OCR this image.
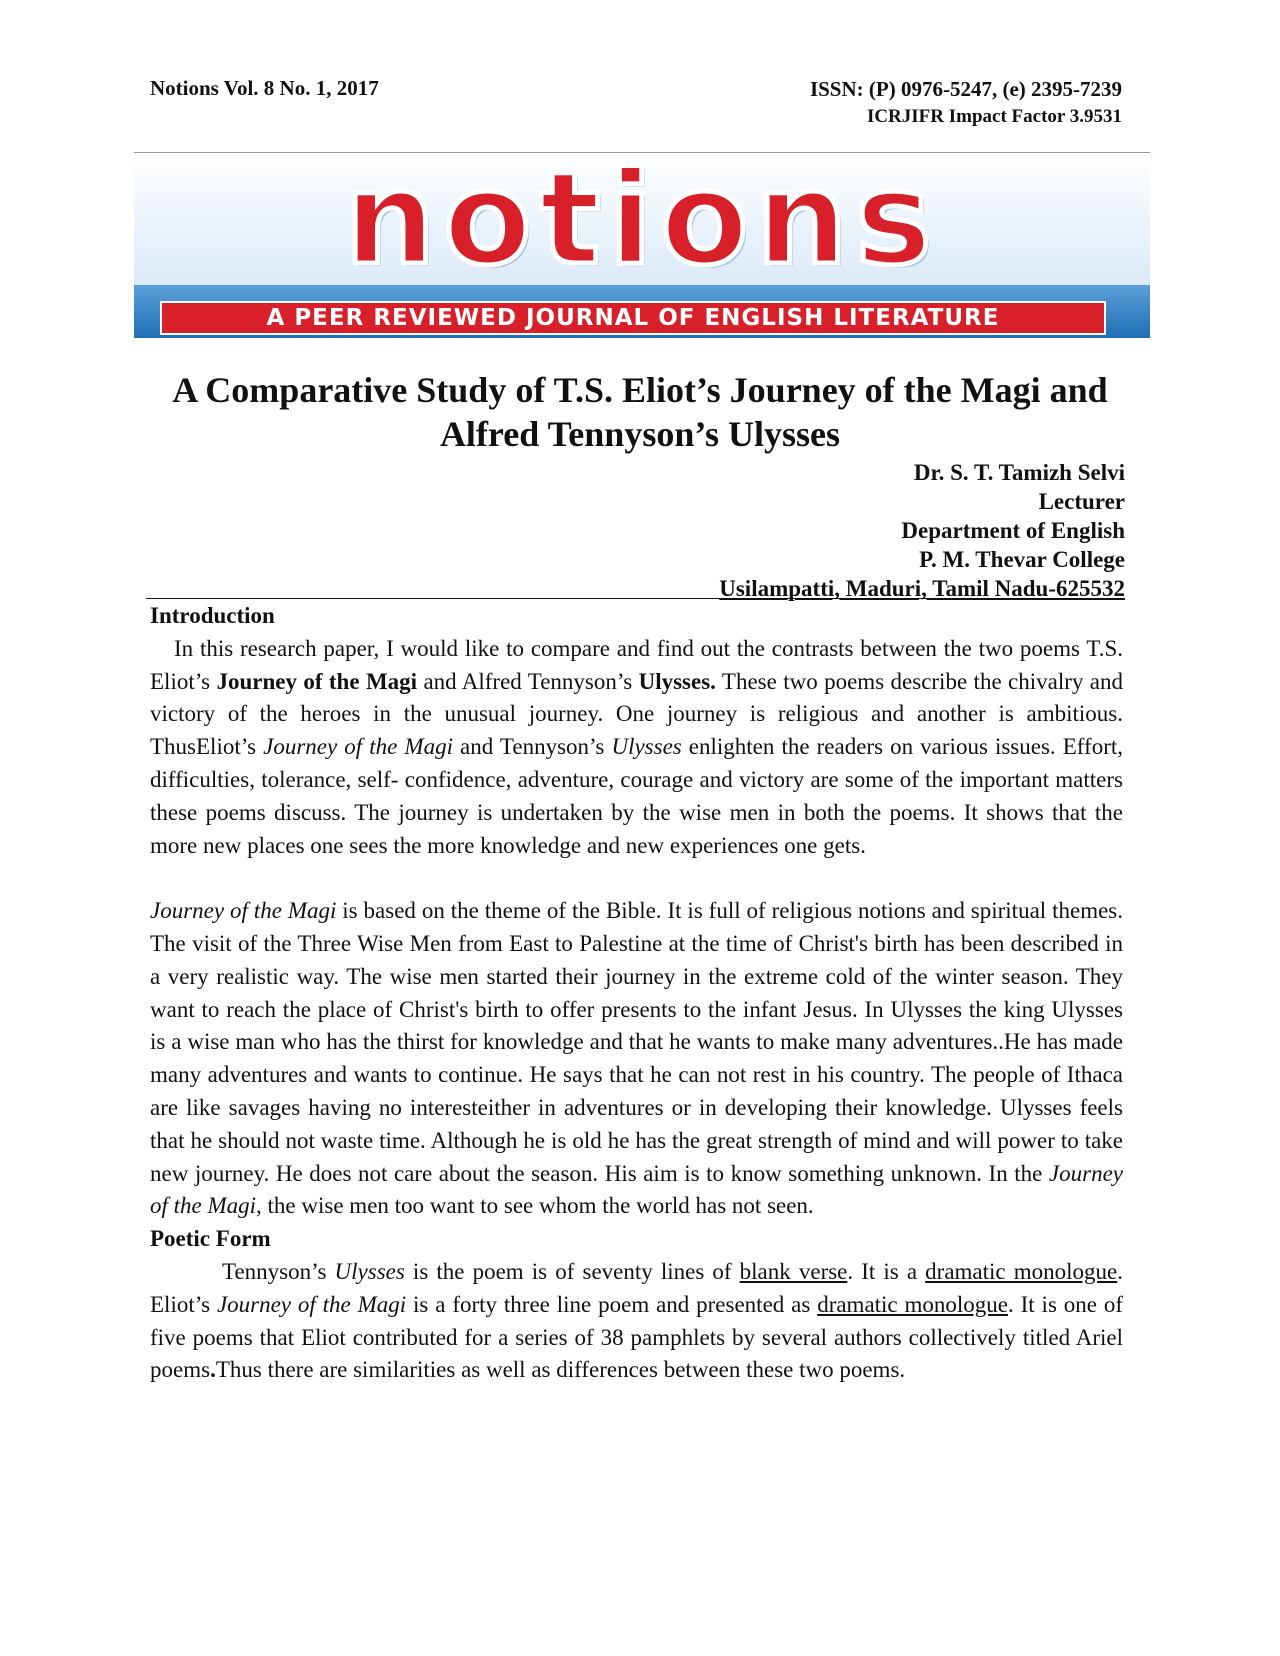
Notions Vol. 8 No. 1, 2017	ISSN: (P) 0976-5247, (e) 2395-7239
ICRJIFR Impact Factor 3.9531
notions
A PEER REVIEWED JOURNAL OF ENGLISH LITERATURE
A Comparative Study of T.S. Eliot’s Journey of the Magi and
Alfred Tennyson’s Ulysses
Dr. S. T. Tamizh Selvi
Lecturer
Department of English
P. M. Thevar College
Usilampatti, Maduri, Tamil Nadu-625532
Introduction

In this research paper, I would like to compare and find out the contrasts between the two poems T.S. Eliot’s Journey of the Magi and Alfred Tennyson’s Ulysses. These two poems describe the chivalry and victory of the heroes in the unusual journey. One journey is religious and another is ambitious. ThusEliot’s Journey of the Magi and Tennyson’s Ulysses enlighten the readers on various issues. Effort, difficulties, tolerance, self- confidence, adventure, courage and victory are some of the important matters these poems discuss. The journey is undertaken by the wise men in both the poems. It shows that the more new places one sees the more knowledge and new experiences one gets.

Journey of the Magi is based on the theme of the Bible. It is full of religious notions and spiritual themes. The visit of the Three Wise Men from East to Palestine at the time of Christ's birth has been described in a very realistic way. The wise men started their journey in the extreme cold of the winter season. They want to reach the place of Christ's birth to offer presents to the infant Jesus. In Ulysses the king Ulysses is a wise man who has the thirst for knowledge and that he wants to make many adventures..He has made many adventures and wants to continue. He says that he can not rest in his country. The people of Ithaca are like savages having no interesteither in adventures or in developing their knowledge. Ulysses feels that he should not waste time. Although he is old he has the great strength of mind and will power to take new journey. He does not care about the season. His aim is to know something unknown. In the Journey of the Magi, the wise men too want to see whom the world has not seen.

Poetic Form

Tennyson’s Ulysses is the poem is of seventy lines of blank verse. It is a dramatic monologue. Eliot’s Journey of the Magi is a forty three line poem and presented as dramatic monologue. It is one of five poems that Eliot contributed for a series of 38 pamphlets by several authors collectively titled Ariel poems.Thus there are similarities as well as differences between these two poems.
